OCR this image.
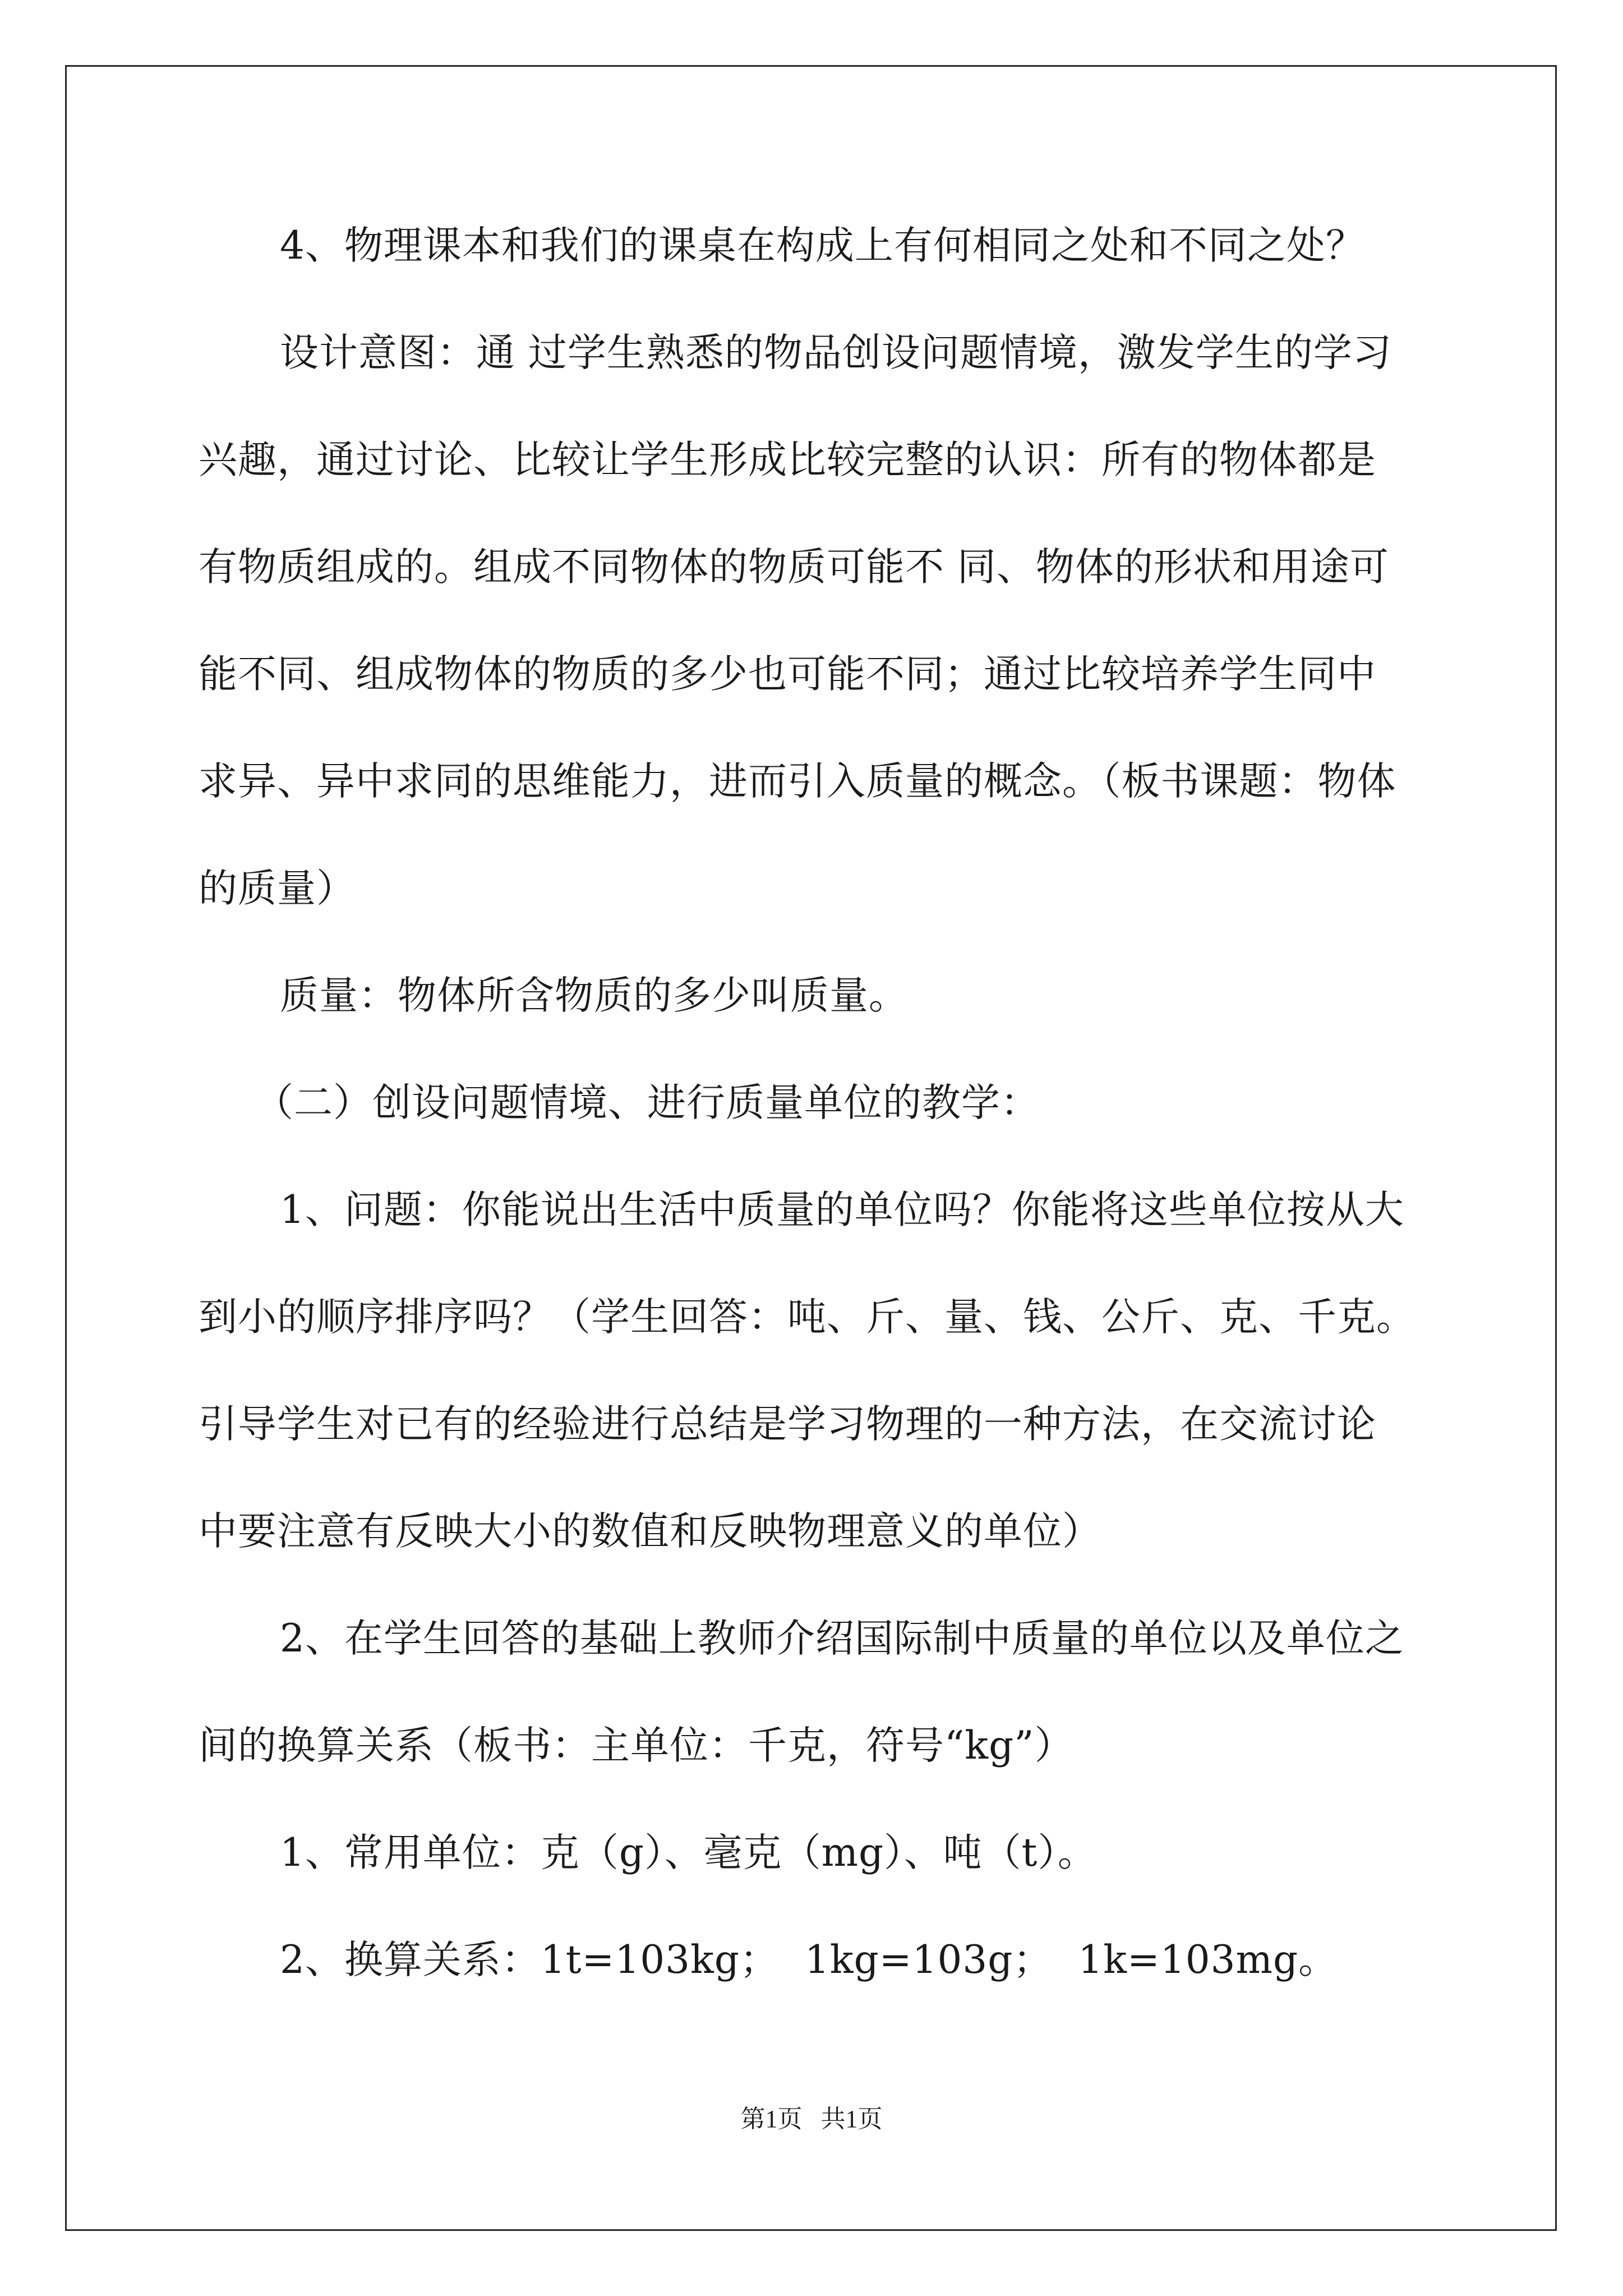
4、物理课本和我们的课桌在构成上有何相同之处和不同之处？
设计意图：通 过学生熟悉的物品创设问题情境，激发学生的学习
兴趣，通过讨论、比较让学生形成比较完整的认识：所有的物体都是
有物质组成的。组成不同物体的物质可能不 同、物体的形状和用途可
能不同、组成物体的物质的多少也可能不同；通过比较培养学生同中
求异、异中求同的思维能力，进而引入质量的概念。（板书课题：物体
的质量）
质量：物体所含物质的多少叫质量。
（二）创设问题情境、进行质量单位的教学：
1、问题：你能说出生活中质量的单位吗？你能将这些单位按从大
到小的顺序排序吗？（学生回答：吨、斤、量、钱、公斤、克、千克。
引导学生对已有的经验进行总结是学习物理的一种方法，在交流讨论
中要注意有反映大小的数值和反映物理意义的单位）
2、在学生回答的基础上教师介绍国际制中质量的单位以及单位之
间的换算关系（板书：主单位：千克，符号“kg”）
1、常用单位：克（g）、毫克（mg）、吨（t）。
2、换算关系：1t=103kg；  1kg=103g；  1k=103mg。
第1页   共1页
